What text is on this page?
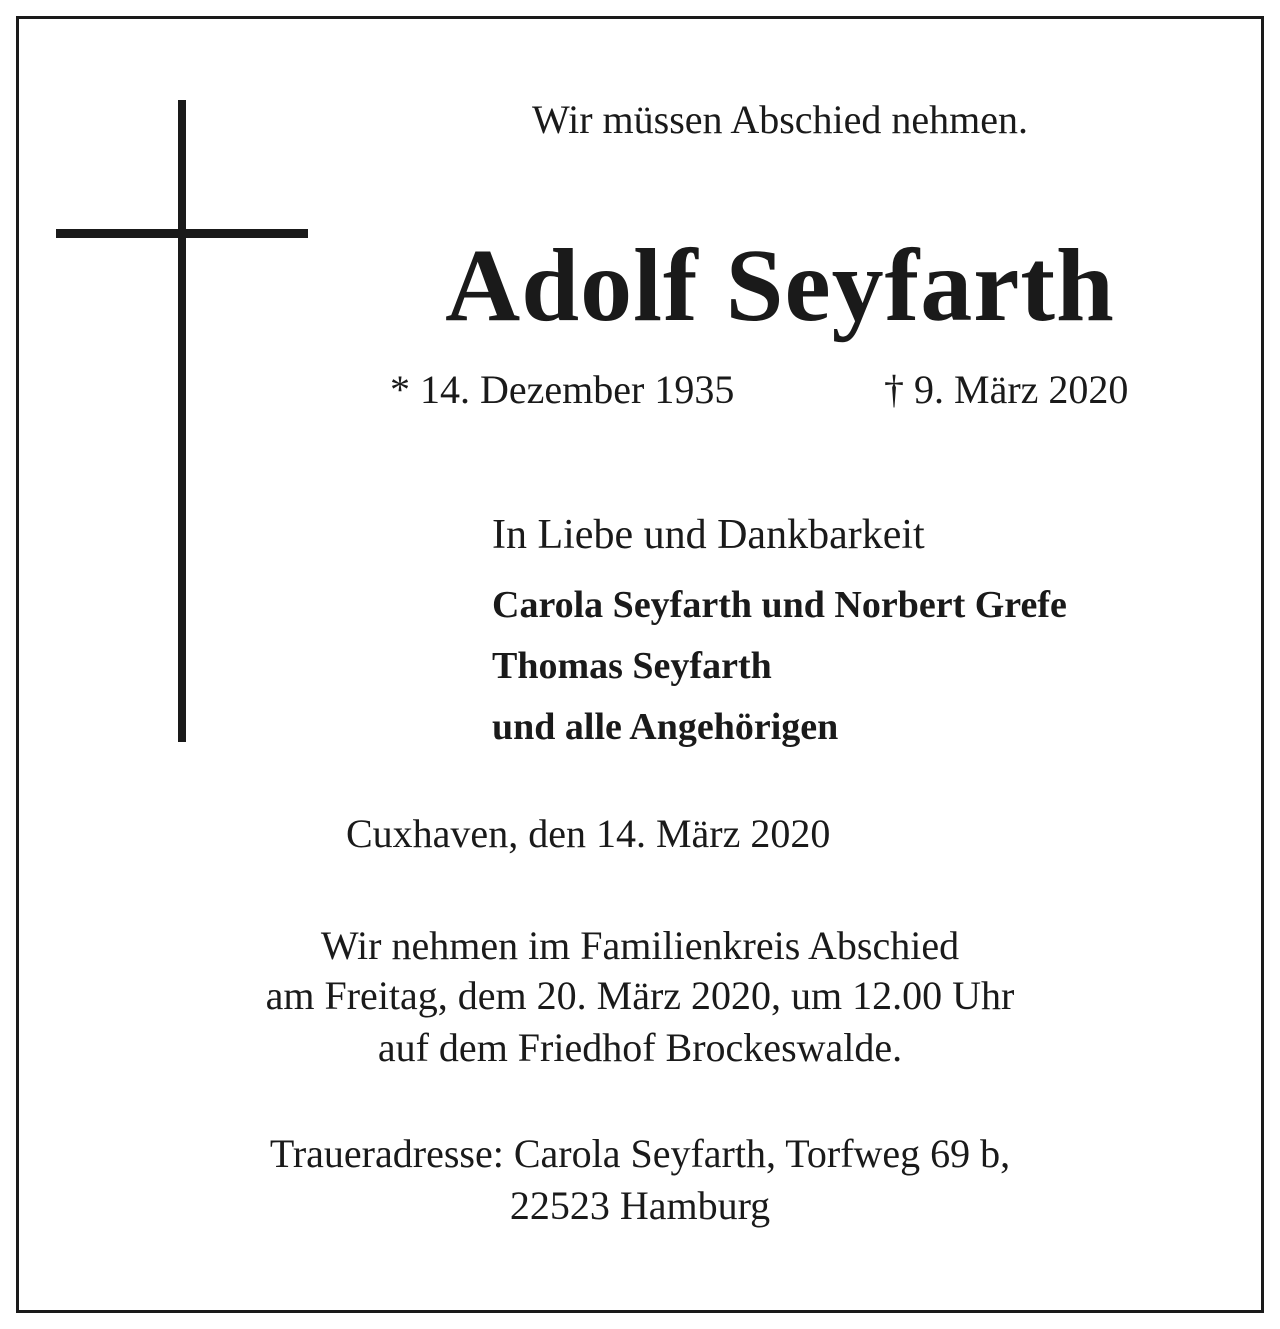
Wir müssen Abschied nehmen.
Adolf Seyfarth
* 14. Dezember 1935	† 9. März 2020
In Liebe und Dankbarkeit
Carola Seyfarth und Norbert Grefe
Thomas Seyfarth
und alle Angehörigen
Cuxhaven, den 14. März 2020
Wir nehmen im Familienkreis Abschied
am Freitag, dem 20. März 2020, um 12.00 Uhr
auf dem Friedhof Brockeswalde.
Traueradresse: Carola Seyfarth, Torfweg 69 b,
22523 Hamburg
